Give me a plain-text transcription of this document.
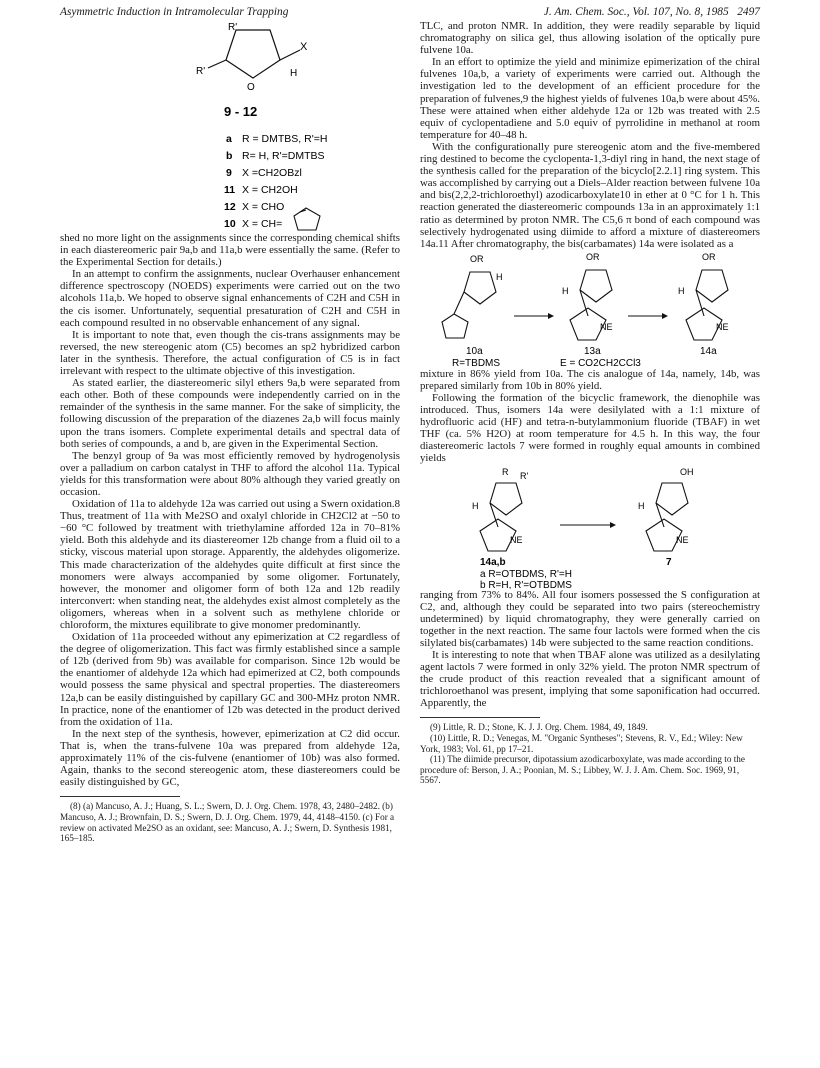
Asymmetric Induction in Intramolecular Trapping	J. Am. Chem. Soc., Vol. 107, No. 8, 1985 2497
R'
R'
X
O
H
9 - 12
a R = DMTBS, R'=H
b R= H, R'=DMTBS
9 X =CH2OBzl
11 X = CH2OH
12 X = CHO
10 X = CH=

shed no more light on the assignments since the corresponding chemical shifts in each diastereomeric pair 9a,b and 11a,b were essentially the same. (Refer to the Experimental Section for details.)

In an attempt to confirm the assignments, nuclear Overhauser enhancement difference spectroscopy (NOEDS) experiments were carried out on the two alcohols 11a,b. We hoped to observe signal enhancements of C2H and C5H in the cis isomer. Unfortunately, sequential presaturation of C2H and C5H in each compound resulted in no observable enhancement of any signal.

It is important to note that, even though the cis-trans assignments may be reversed, the new stereogenic atom (C5) becomes an sp2 hybridized carbon later in the synthesis. Therefore, the actual configuration of C5 is in fact irrelevant with respect to the ultimate objective of this investigation.

As stated earlier, the diastereomeric silyl ethers 9a,b were separated from each other. Both of these compounds were independently carried on in the remainder of the synthesis in the same manner. For the sake of simplicity, the following discussion of the preparation of the diazenes 2a,b will focus mainly upon the trans isomers. Complete experimental details and spectral data of both series of compounds, a and b, are given in the Experimental Section.

The benzyl group of 9a was most efficiently removed by hydrogenolysis over a palladium on carbon catalyst in THF to afford the alcohol 11a. Typical yields for this transformation were about 80% although they varied greatly on occasion.

Oxidation of 11a to aldehyde 12a was carried out using a Swern oxidation.8 Thus, treatment of 11a with Me2SO and oxalyl chloride in CH2Cl2 at −50 to −60 °C followed by treatment with triethylamine afforded 12a in 70–81% yield. Both this aldehyde and its diastereomer 12b change from a fluid oil to a sticky, viscous material upon storage. Apparently, the aldehydes oligomerize. This made characterization of the aldehydes quite difficult at first since the monomers were always accompanied by some oligomer. Fortunately, however, the monomer and oligomer form of both 12a and 12b readily interconvert: when standing neat, the aldehydes exist almost completely as the oligomers, whereas when in a solvent such as methylene chloride or chloroform, the mixtures equilibrate to give monomer predominantly.

Oxidation of 11a proceeded without any epimerization at C2 regardless of the degree of oligomerization. This fact was firmly established since a sample of 12b (derived from 9b) was available for comparison. Since 12b would be the enantiomer of aldehyde 12a which had epimerized at C2, both compounds would possess the same physical and spectral properties. The diastereomers 12a,b can be easily distinguished by capillary GC and 300-MHz proton NMR. In practice, none of the enantiomer of 12b was detected in the product derived from the oxidation of 11a.

In the next step of the synthesis, however, epimerization at C2 did occur. That is, when the trans-fulvene 10a was prepared from aldehyde 12a, approximately 11% of the cis-fulvene (enantiomer of 10b) was also formed. Again, thanks to the second stereogenic atom, these diastereomers could be easily distinguished by GC,

(8) (a) Mancuso, A. J.; Huang, S. L.; Swern, D. J. Org. Chem. 1978, 43, 2480–2482. (b) Mancuso, A. J.; Brownfain, D. S.; Swern, D. J. Org. Chem. 1979, 44, 4148–4150. (c) For a review on activated Me2SO as an oxidant, see: Mancuso, A. J.; Swern, D. Synthesis 1981, 165–185.

TLC, and proton NMR. In addition, they were readily separable by liquid chromatography on silica gel, thus allowing isolation of the optically pure fulvene 10a.

In an effort to optimize the yield and minimize epimerization of the chiral fulvenes 10a,b, a variety of experiments were carried out. Although the investigation led to the development of an efficient procedure for the preparation of fulvenes,9 the highest yields of fulvenes 10a,b were about 45%. These were attained when either aldehyde 12a or 12b was treated with 2.5 equiv of cyclopentadiene and 5.0 equiv of pyrrolidine in methanol at room temperature for 40–48 h.

With the configurationally pure stereogenic atom and the five-membered ring destined to become the cyclopenta-1,3-diyl ring in hand, the next stage of the synthesis called for the preparation of the bicyclo[2.2.1] ring system. This was accomplished by carrying out a Diels–Alder reaction between fulvene 10a and bis(2,2,2-trichloroethyl) azodicarboxylate10 in ether at 0 °C for 1 h. This reaction generated the diastereomeric compounds 13a in an approximately 1:1 ratio as determined by proton NMR. The C5,6 π bond of each compound was selectively hydrogenated using diimide to afford a mixture of diastereomers 14a.11 After chromatography, the bis(carbamates) 14a were isolated as a

OR
H
OR
H
NE
OR
H
NE
10a	13a	14a
R=TBDMS	E = CO2CH2CCl3

mixture in 86% yield from 10a. The cis analogue of 14a, namely, 14b, was prepared similarly from 10b in 80% yield.

Following the formation of the bicyclic framework, the dienophile was introduced. Thus, isomers 14a were desilylated with a 1:1 mixture of hydrofluoric acid (HF) and tetra-n-butylammonium fluoride (TBAF) in wet THF (ca. 5% H2O) at room temperature for 4.5 h. In this way, the four diastereomeric lactols 7 were formed in roughly equal amounts in combined yields

R R'
H
NE
OH
H
NE
14a,b	7
a R=OTBDMS, R'=H
b R=H, R'=OTBDMS

ranging from 73% to 84%. All four isomers possessed the S configuration at C2, and, although they could be separated into two pairs (stereochemistry undetermined) by liquid chromatography, they were generally carried on together in the next reaction. The same four lactols were formed when the cis silylated bis(carbamates) 14b were subjected to the same reaction conditions.

It is interesting to note that when TBAF alone was utilized as a desilylating agent lactols 7 were formed in only 32% yield. The proton NMR spectrum of the crude product of this reaction revealed that a significant amount of trichloroethanol was present, implying that some saponification had occurred. Apparently, the

(9) Little, R. D.; Stone, K. J. J. Org. Chem. 1984, 49, 1849.

(10) Little, R. D.; Venegas, M. "Organic Syntheses"; Stevens, R. V., Ed.; Wiley: New York, 1983; Vol. 61, pp 17–21.

(11) The diimide precursor, dipotassium azodicarboxylate, was made according to the procedure of: Berson, J. A.; Poonian, M. S.; Libbey, W. J. J. Am. Chem. Soc. 1969, 91, 5567.
